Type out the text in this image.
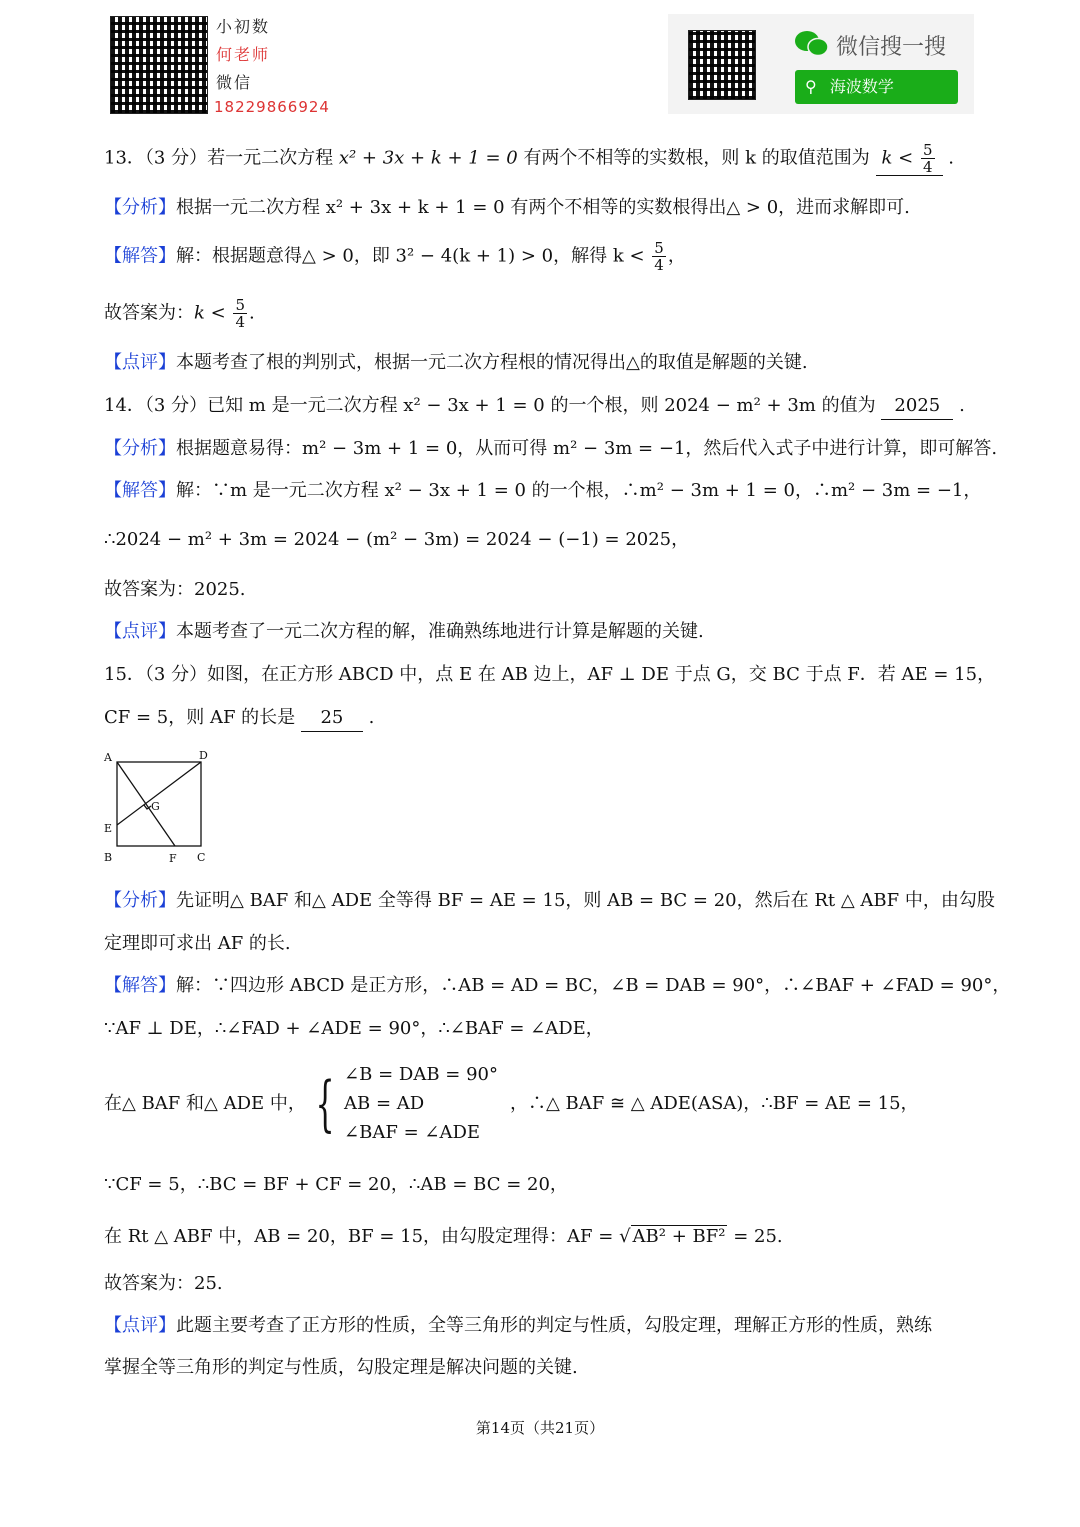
小初数
何老师
微信
18229866924
微信搜一搜
⚲ 海波数学
13．（3 分）若一元二次方程 x² + 3x + k + 1 = 0 有两个不相等的实数根，则 k 的取值范围为 $k < \frac{5}{4}$ .
【分析】根据一元二次方程 x² + 3x + k + 1 = 0 有两个不相等的实数根得出△ > 0，进而求解即可.
【解答】解：根据题意得△ > 0，即 3² − 4(k + 1) > 0，解得 $k < \frac{5}{4}$ ，
故答案为：$k < \frac{5}{4}$ .
【点评】本题考查了根的判别式，根据一元二次方程根的情况得出△的取值是解题的关键.
14．（3 分）已知 m 是一元二次方程 x² − 3x + 1 = 0 的一个根，则 2024 − m² + 3m 的值为 2025 .
【分析】根据题意易得：m² − 3m + 1 = 0，从而可得 m² − 3m = −1，然后代入式子中进行计算，即可解答.
【解答】解：∵m 是一元二次方程 x² − 3x + 1 = 0 的一个根，∴m² − 3m + 1 = 0，∴m² − 3m = −1，
∴2024 − m² + 3m = 2024 − (m² − 3m) = 2024 − (−1) = 2025，
故答案为：2025.
【点评】本题考查了一元二次方程的解，准确熟练地进行计算是解题的关键.
15．（3 分）如图，在正方形 ABCD 中，点 E 在 AB 边上，AF ⊥ DE 于点 G，交 BC 于点 F．若 AE = 15，
CF = 5，则 AF 的长是 25 .
A	D
E
G
B	F C
【分析】先证明△ BAF 和△ ADE 全等得 BF = AE = 15，则 AB = BC = 20，然后在 Rt △ ABF 中，由勾股
定理即可求出 AF 的长.
【解答】解：∵四边形 ABCD 是正方形，∴AB = AD = BC，∠B = DAB = 90°，∴∠BAF + ∠FAD = 90°，
∵AF ⊥ DE，∴∠FAD + ∠ADE = 90°，∴∠BAF = ∠ADE，
在△ BAF 和△ ADE 中， { ∠B = DAB = 90°
AB = AD
∠BAF = ∠ADE
，∴△ BAF ≅ △ ADE(ASA)，∴BF = AE = 15，
∵CF = 5，∴BC = BF + CF = 20，∴AB = BC = 20，
在 Rt △ ABF 中，AB = 20，BF = 15，由勾股定理得：AF = √ AB² + BF² = 25.
故答案为：25.
【点评】此题主要考查了正方形的性质，全等三角形的判定与性质，勾股定理，理解正方形的性质，熟练
掌握全等三角形的判定与性质，勾股定理是解决问题的关键.
第14页（共21页）
